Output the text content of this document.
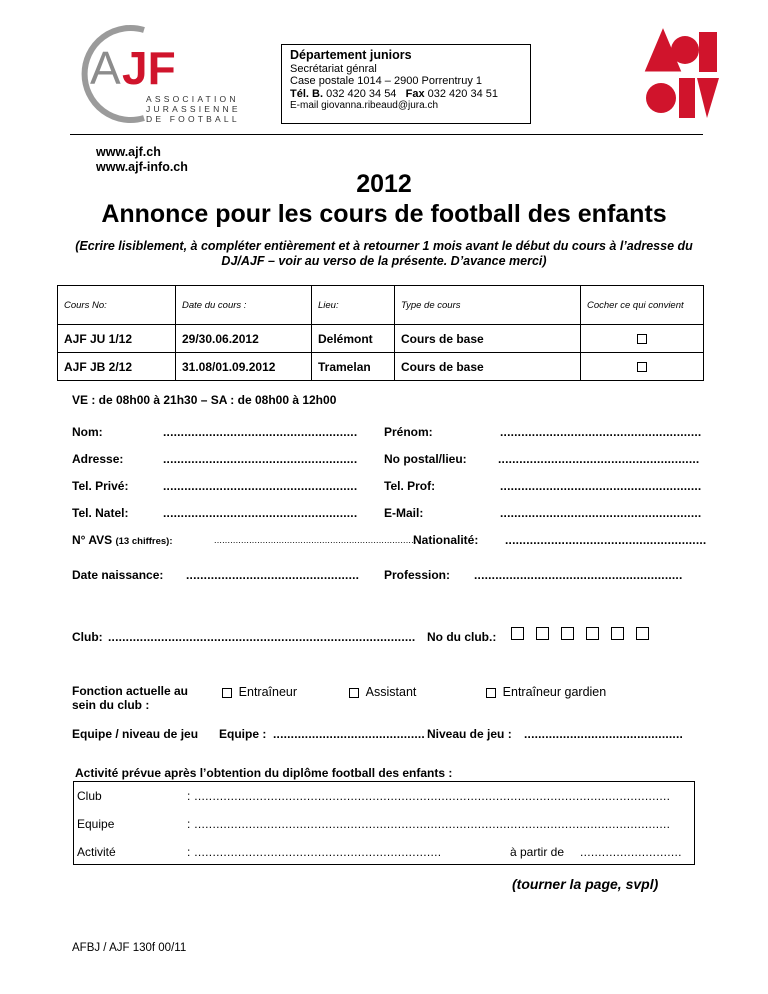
A JF
ASSOCIATION
JURASSIENNE
DE FOOTBALL
Département juniors
Secrétariat génral
Case postale 1014 – 2900 Porrentruy 1
Tél. B. 032 420 34 54 Fax 032 420 34 51
E-mail giovanna.ribeaud@jura.ch
www.ajf.ch
www.ajf-info.ch
2012
Annonce pour les cours de football des enfants
(Ecrire lisiblement, à compléter entièrement et à retourner 1 mois avant le début du cours à l’adresse du DJ/AJF – voir au verso de la présente. D’avance merci)
Cours No:	Date du cours :	Lieu:	Type de cours	Cocher ce qui convient
AJF JU 1/12	29/30.06.2012	Delémont	Cours de base	
AJF JB 2/12	31.08/01.09.2012	Tramelan	Cours de base	
VE : de 08h00 à 21h30 – SA : de 08h00 à 12h00
Nom:	....................................................... Prénom:	.........................................................
Adresse:	....................................................... No postal/lieu:	.........................................................
Tel. Privé:	....................................................... Tel. Prof:	.........................................................
Tel. Natel:	....................................................... E-Mail:	.........................................................
N° AVS (13 chiffres):	...........................................................................
Nationalité: .........................................................
Date naissance: ................................................. Profession: ...........................................................
Club: ....................................................................................... No du club.:
Fonction actuelle au sein du club :
Entraîneur	Assistant	Entraîneur gardien
Equipe / niveau de jeu Equipe : ........................................... Niveau de jeu : .............................................
Activité prévue après l’obtention du diplôme football des enfants :
Club	: ...................................................................................................................................
Equipe	: ...................................................................................................................................
Activité	: ....................................................................	à partir de ............................
(tourner la page, svpl)
AFBJ / AJF 130f 00/11
